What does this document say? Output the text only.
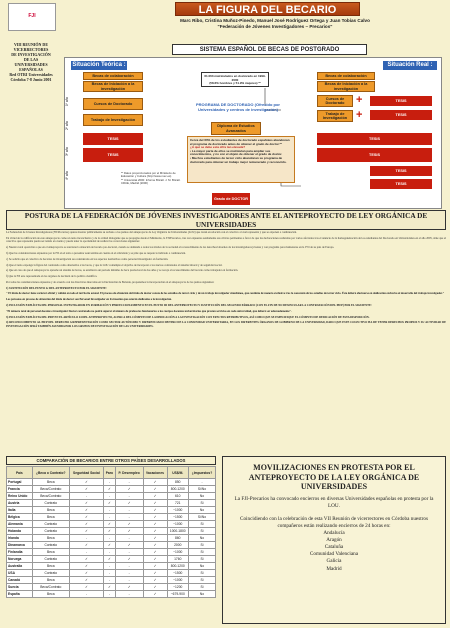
FJI	LA FIGURA DEL BECARIO
Marc Ribo, Cristina Muñoz-Pinedo, Manuel José Rodríguez Ortega y Juan Tobías Calvo
"Federación de Jóvenes Investigadores – Precarios"
VIII REUNIÓN DE
VICERRECTORES
DE INVESTIGACIÓN
DE LAS
UNIVERSIDADES
ESPAÑOLAS
Red OTRI Universidades
Córdoba 7-8 Junio 2001
SISTEMA ESPAÑOL DE BECAS DE POSTGRADO
Situación Teórica :	Situación Real :
1º año
2º año
3º año
4º año
Becas de colaboración
Becas de Iniciación a la investigación
Cursos de Doctorado
Trabajo de Investigación
TESIS
TESIS
Becas de colaboración
Becas de Iniciación a la investigación
Cursos de Doctorado
Trabajo de Investigación
+
+
TESIS
TESIS
TESIS
TESIS
TESIS
TESIS
61.063 matriculados en doctorado en 1999-2000
(58.6% hombres y 51.9% mujeres) **
PROGRAMA DE DOCTORADO (Ofrecido por Universidades y centros de investigación)
Diploma de Estudios Avanzados
Cerca del 60% de los estudiantes de doctorado españoles abandonan el programa de doctorado antes de obtener el grado de doctor.**
¿A qué se debe esta cifra tan elevada?
• La mayor parte de ellos se matriculan para ampliar sus conocimientos, y no con el objeto de obtener el grado de doctor.
• Muchos estudiantes de tercer ciclo abandonan su programa de doctorado para obtener un trabajo mejor remunerado y reconocido.
Grado de DOCTOR
** Datos proporcionados por el Ministerio de Educación y Cultura (http://www.mec.es)
** Universitat 2000: Informe Bricall. J. M. Bricall. CRUE, Madrid (2000)
POSTURA DE LA FEDERACIÓN DE JÓVENES INVESTIGADORES ANTE EL ANTEPROYECTO DE LEY ORGÁNICA DE UNIVERSIDADES

La Federación de Jóvenes Investigadores (FJI/Precarios) quiere mostrar públicamente su rechazo a los puntos del anteproyecto de Ley Orgánica de Universidades (LOU) que tratan en relación con el colectivo al cual representa y que se exponen a continuación.

En virtud de la calificación de este anteproyecto como un texto inconclusivo y de la actitud dialogante que se propugna desde el Ministerio, la FJI/Precarios, tras vez expuestas sendamente sus criticas pertinentes a favor de que las declaraciones realizadas por varios afectados tras el anuncio de la homogeneización de los estudiantes del Doctorado en Universidades en el año 2005, sitúe que el colectivo que representa pueda ser tenido en cuenta y pueda tener la oportunidad de realizar las correcciones siguientes:

a) Nuestra total oposición a que en el Anteproyecto se sancione la situación de becario pre-doctoral, cuando se demanda a todos los niveles de la sociedad el reconocimiento de los derechos laborales de los investigadores jóvenes y con programa para mantenerse en la I+D de su país de Europa.

b) Que las consideraciones expuestas por la FJI en el texto a presentar sean tenidas en cuenta en el articulado y se pide que se respete lo indicado a continuación.

c) Se solicita que el colectivo de becarios de investigación sea considerado en los aspectos normativos como personal investigador en formación.

d) Que el texto exponga la figura del contratado como alternativa a las becas, y que la LOU contemple el objetivo de incorporar a los nuevos contratados al sistema laboral y de seguridad social.

e) Que en caso de que el Anteproyecto apruebe un sistema de becas, se establezca un periodo máximo de beca predoctoral de dos años y se recoja el reconocimiento del becario como trabajador en formación.

f) Que la FJI este representada en los órganos de decisión de la política científica.

Por todas las consideraciones expuestas y de acuerdo con las directrices marcadas en la Declaración de Bolonia, proponemos la incorporación en el anteproyecto de los puntos siguientes:

1) SUSTITUCIÓN DEL PUNTO 2c DEL ANTEPROYECTO POR EL SIGUIENTE:

" El título de doctor tiene carácter oficial y validez en todo el territorio estatal. El proceso de obtención del título de doctor consta de los estudios de tercer ciclo y de un trabajo investigador simultáneo, que continúa de manera exclusiva tras la concesión de los estudios de tercer ciclo. Éste deberá efectuarse en dedicación exclusiva al desarrollo del trabajo investigador."

Las personas en proceso de obtención del título de doctor son Personal Investigador en Formación que estarán dedicadas a la investigación.

2) INCLUSIÓN EXPLÍCITA DEL PERSONAL INVESTIGADOR EN FORMACIÓN Y PERFECCIONAMIENTO EN EL PUNTO III DEL ANTEPROYECTO Y SUSTITUCIÓN DEL SEGUNDO PÁRRAFO (CON EL FIN DE NO DESINCULAR LA CONTRATACIÓN DEL PIFP) POR EL SIGUIENTE:

"El número total de personal docente e investigador Doctor contratado no podrá superar el número de profesores funcionarios a los cuerpos docentes universitarios que presten servicios en cada universidad, que deberá ser adecuadamente".

3) INCLUSIÓN EXPLÍCITA DEL PIFP EN EL ARTÍCULO 44 DEL ANTEPROYECTO, ACERCA DEL CÓMPUTO DE LA DEDICACIÓN A LA INVESTIGACIÓN CON EFECTOS RETRIBUTIVOS, ASÍ COMO QUE SE ESPECIFIQUE EL CÓMPUTO DE DEDICACIÓN DE ESTA DISPOSICIÓN.

4) RECONOCIMIENTO AL PIFP DEL DERECHO A REPRESENTACIÓN COMO SECTOR AUTÓNOMO Y DIFERENCIADO DENTRO DE LA COMUNIDAD UNIVERSITARIA, EN LOS DIFERENTES ÓRGANOS DE GOBIERNO DE LA UNIVERSIDAD, DADO QUE ESTE COLECTIVO HA DE TENER DERECHOS PROPIOS Y SU ACTIVIDAD DE INVESTIGACIÓN SERÁ TAMBIÉN ASUMIDA POR LOS GRUPOS DE INVESTIGACIÓN DE LAS UNIVERSIDADES.

COMPARACIÓN DE BECARIOS ENTRE OTROS PAÍSES DESARROLLADOS
País	¿Beca o Contrato?	Seguridad Social	Paro	P. Desempleo	Vacaciones	US$/M.	¿Impuestos?
Portugal	Beca	✓	-	-	✓	850	-
Francia	Beca/Contrato	✓	✓	✓	✓	800-1200	Sí/No
Reino Unido	Beca/Contrato	-	-	-	✓	610	No
Austria	Contrato	✓	✓	✓	✓	721	Sí
Italia	Beca	✓	-	-	✓	~1000	No
Bélgica	Beca	✓	-	-	✓	~1500	Sí/No
Alemania	Contrato	✓	✓	✓	✓	~1000	Sí
Holanda	Contrato	✓	✓	✓	✓	1000-1800	Sí
Irlanda	Beca	-	-	-	✓	860	No
Dinamarca	Contrato	✓	✓	✓	✓	2000	Sí
Finlandia	Beca	-	-	-	✓	~1000	Sí
Noruega	Contrato	✓	✓	✓	✓	1760	Sí
Australia	Beca	✓	-	-	✓	800-1200	No
USA	Contrato	✓	-	-	✓	~1500	Sí
Canadá	Beca	✓	-	-	✓	~1000	Sí
Suecia	Beca/Contrato	✓	✓	✓	✓	~1200	Sí
España	Beca	-	-	-	✓	~679-900	No
MOVILIZACIONES EN PROTESTA POR EL ANTEPROYECTO DE LA LEY ORGÁNICA DE UNIVERSIDADES

La FJI-Precarios ha convocado encierros en diversas Universidades españolas en protesta por la LOU.

Coincidiendo con la celebración de esta VII Reunión de vicerrectores en Córdoba nuestros compañeros están realizando encierros de 24 horas en:

Andalucía
Aragón
Cataluña
Comunidad Valenciana
Galicia
Madrid
